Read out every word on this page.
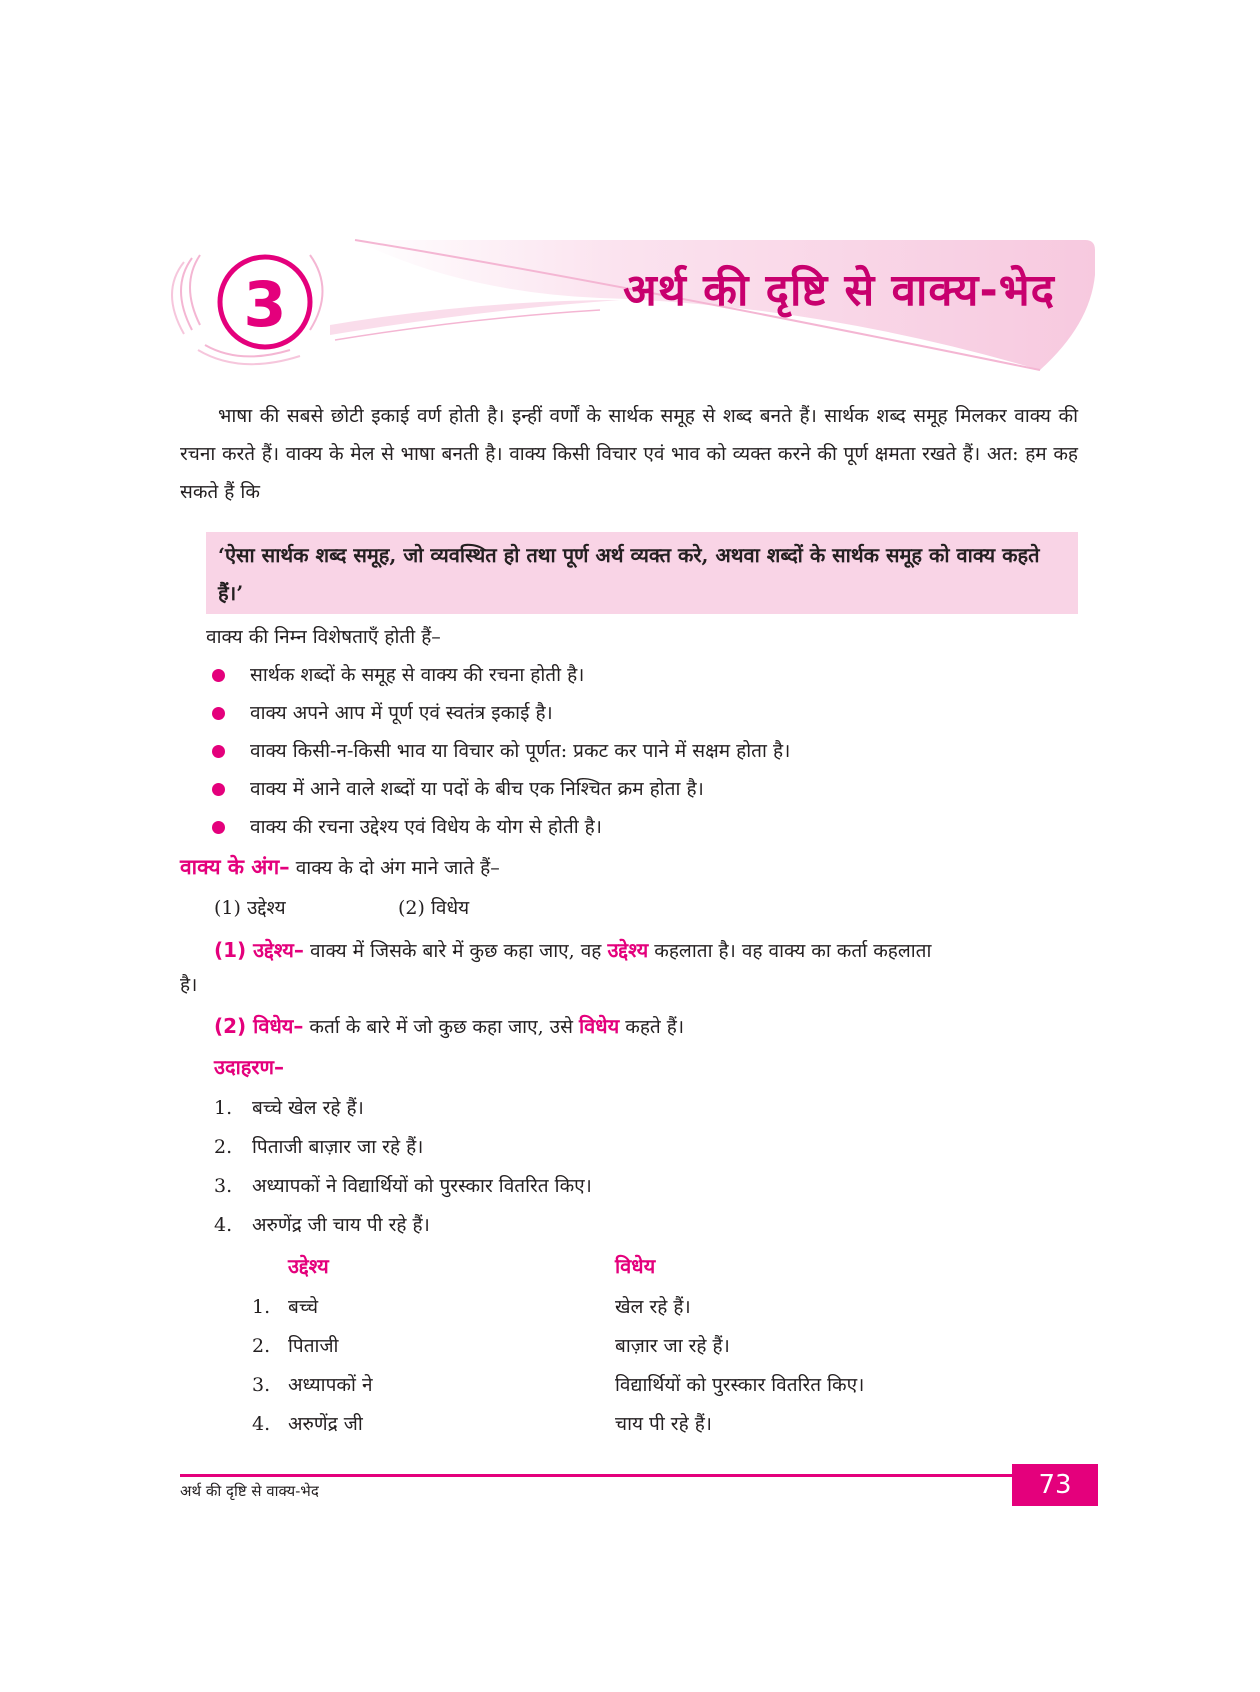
3	अर्थ की दृष्टि से वाक्य-भेद
भाषा की सबसे छोटी इकाई वर्ण होती है। इन्हीं वर्णों के सार्थक समूह से शब्द बनते हैं। सार्थक शब्द समूह मिलकर वाक्य की रचना करते हैं। वाक्य के मेल से भाषा बनती है। वाक्य किसी विचार एवं भाव को व्यक्त करने की पूर्ण क्षमता रखते हैं। अत: हम कह सकते हैं कि
‘ऐसा सार्थक शब्द समूह, जो व्यवस्थित हो तथा पूर्ण अर्थ व्यक्त करे, अथवा शब्दों के सार्थक समूह को वाक्य कहते हैं।’
वाक्य की निम्न विशेषताएँ होती हैं–
सार्थक शब्दों के समूह से वाक्य की रचना होती है।
वाक्य अपने आप में पूर्ण एवं स्वतंत्र इकाई है।
वाक्य किसी-न-किसी भाव या विचार को पूर्णत: प्रकट कर पाने में सक्षम होता है।
वाक्य में आने वाले शब्दों या पदों के बीच एक निश्चित क्रम होता है।
वाक्य की रचना उद्देश्य एवं विधेय के योग से होती है।
वाक्य के अंग– वाक्य के दो अंग माने जाते हैं–
(1) उद्देश्य	(2) विधेय
(1) उद्देश्य– वाक्य में जिसके बारे में कुछ कहा जाए, वह उद्देश्य कहलाता है। वह वाक्य का कर्ता कहलाता
है।
(2) विधेय– कर्ता के बारे में जो कुछ कहा जाए, उसे विधेय कहते हैं।
उदाहरण–
1. बच्चे खेल रहे हैं।
2. पिताजी बाज़ार जा रहे हैं।
3. अध्यापकों ने विद्यार्थियों को पुरस्कार वितरित किए।
4. अरुणेंद्र जी चाय पी रहे हैं।
उद्देश्य	विधेय
1. बच्चे	खेल रहे हैं।
2. पिताजी	बाज़ार जा रहे हैं।
3. अध्यापकों ने	विद्यार्थियों को पुरस्कार वितरित किए।
4. अरुणेंद्र जी	चाय पी रहे हैं।
73
अर्थ की दृष्टि से वाक्य-भेद
